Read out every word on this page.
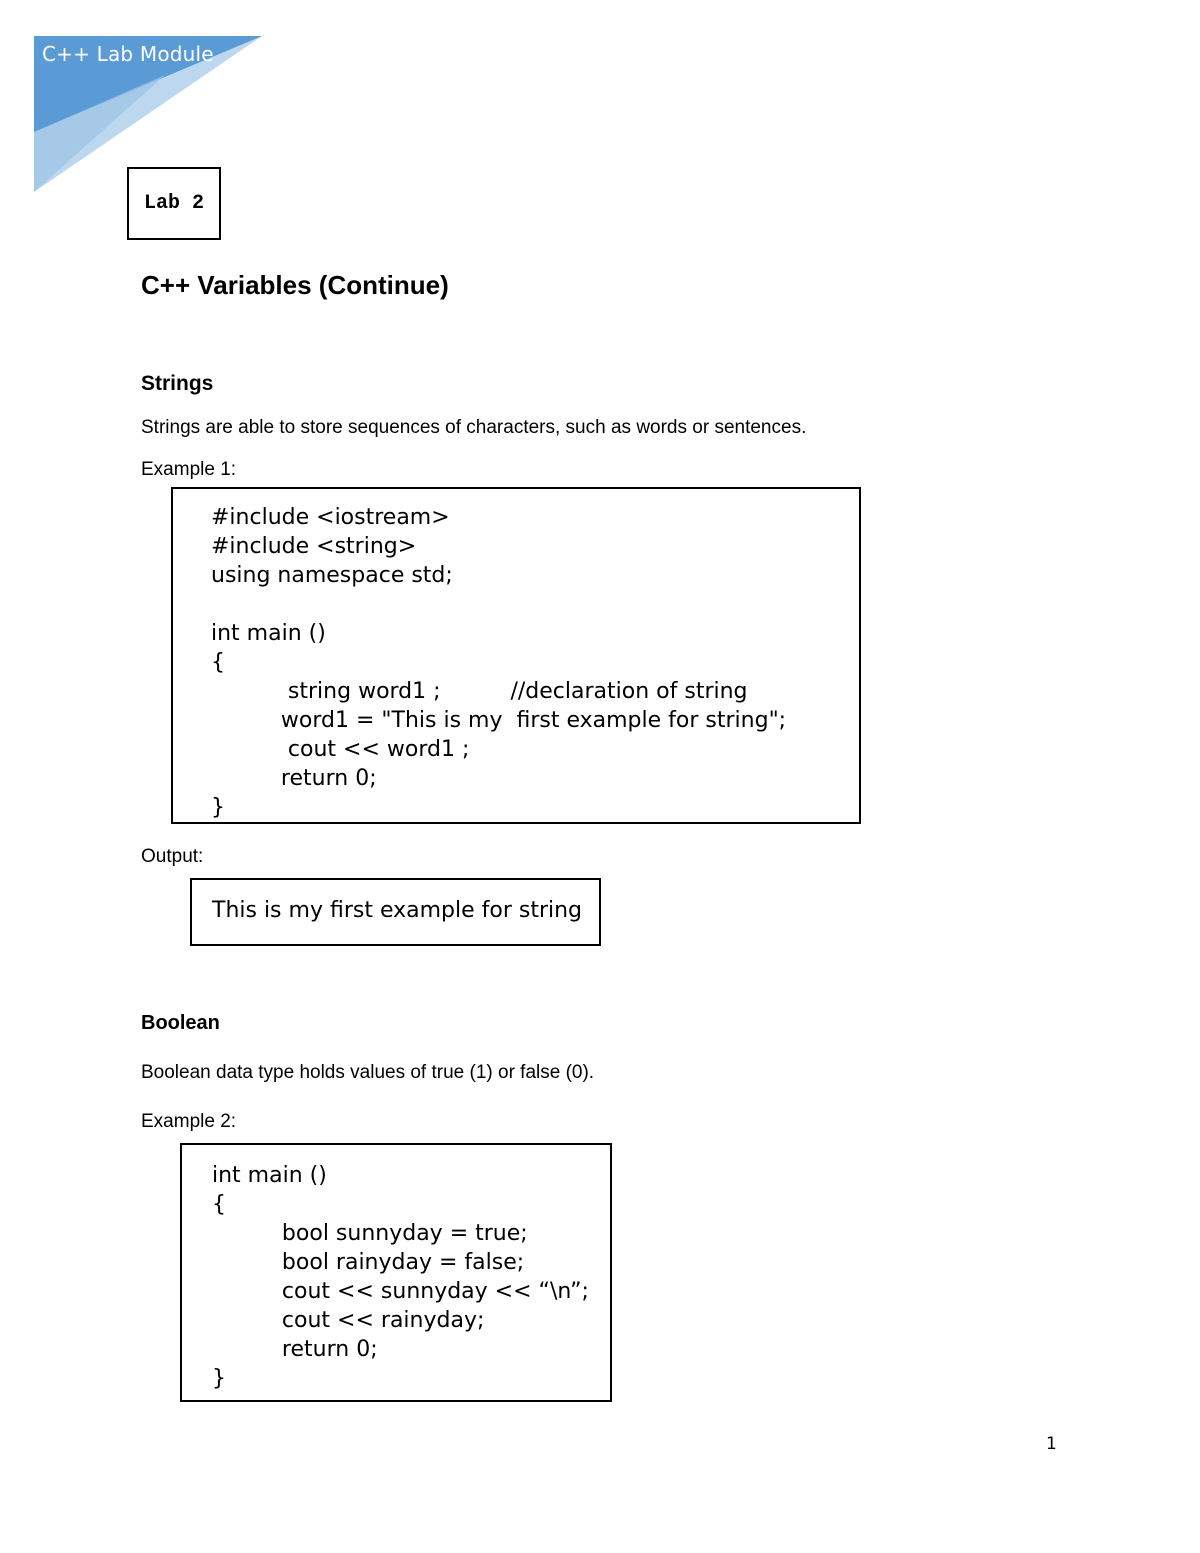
C++ Lab Module
Lab 2
C++ Variables (Continue)
Strings

Strings are able to store sequences of characters, such as words or sentences.

Example 1:

#include <iostream>
#include <string>
using namespace std;
int main ()
{
string word1 ;          //declaration of string
word1 = "This is my  first example for string";
cout << word1 ;
return 0;
}

Output:

This is my first example for string
Boolean

Boolean data type holds values of true (1) or false (0).

Example 2:

int main ()
{
bool sunnyday = true;
bool rainyday = false;
cout << sunnyday << “\n”;
cout << rainyday;
return 0;
}
1
